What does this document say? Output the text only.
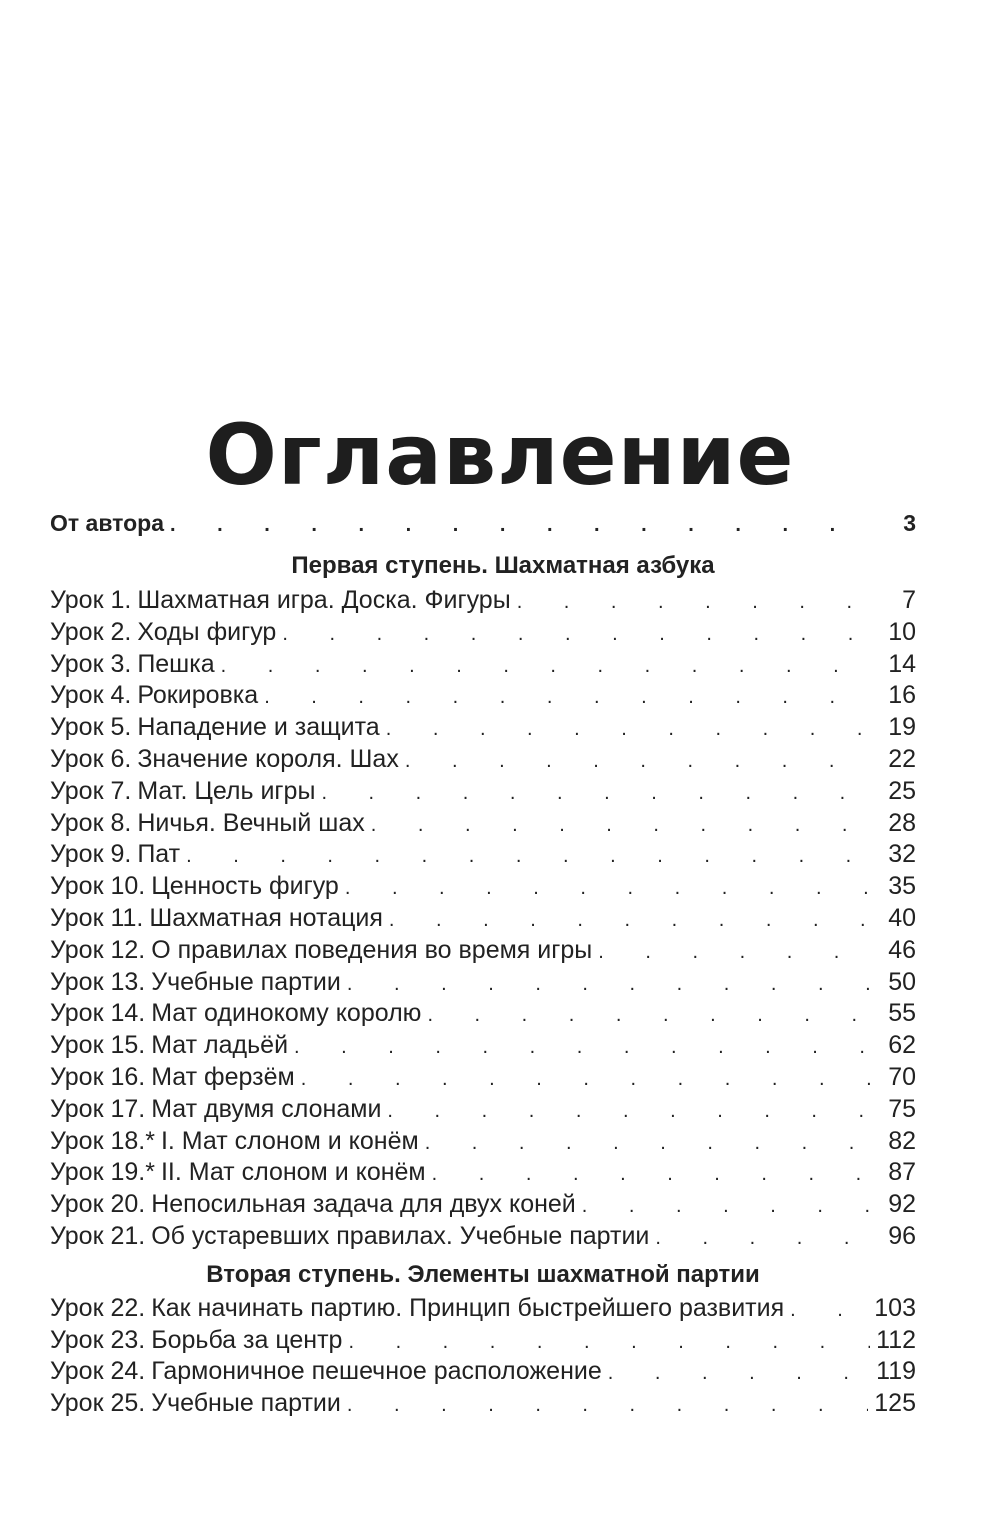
Оглавление
От автора . . .	3
Первая ступень. Шахматная азбука
Урок 1. Шахматная игра. Доска. Фигуры . . .	7
Урок 2. Ходы фигур . . .	10
Урок 3. Пешка . . .	14
Урок 4. Рокировка . . .	16
Урок 5. Нападение и защита . . .	19
Урок 6. Значение короля. Шах . . .	22
Урок 7. Мат. Цель игры . . .	25
Урок 8. Ничья. Вечный шах . . .	28
Урок 9. Пат . . .	32
Урок 10. Ценность фигур . . .	35
Урок 11. Шахматная нотация . . .	40
Урок 12. О правилах поведения во время игры . . .	46
Урок 13. Учебные партии . . .	50
Урок 14. Мат одинокому королю . . .	55
Урок 15. Мат ладьёй . . .	62
Урок 16. Мат ферзём . . .	70
Урок 17. Мат двумя слонами . . .	75
Урок 18.* I. Мат слоном и конём . . .	82
Урок 19.* II. Мат слоном и конём . . .	87
Урок 20. Непосильная задача для двух коней . . .	92
Урок 21. Об устаревших правилах. Учебные партии . . .	96
Вторая ступень. Элементы шахматной партии
Урок 22. Как начинать партию. Принцип быстрейшего развития . . .	103
Урок 23. Борьба за центр . . .	112
Урок 24. Гармоничное пешечное расположение . . .	119
Урок 25. Учебные партии . . .	125
